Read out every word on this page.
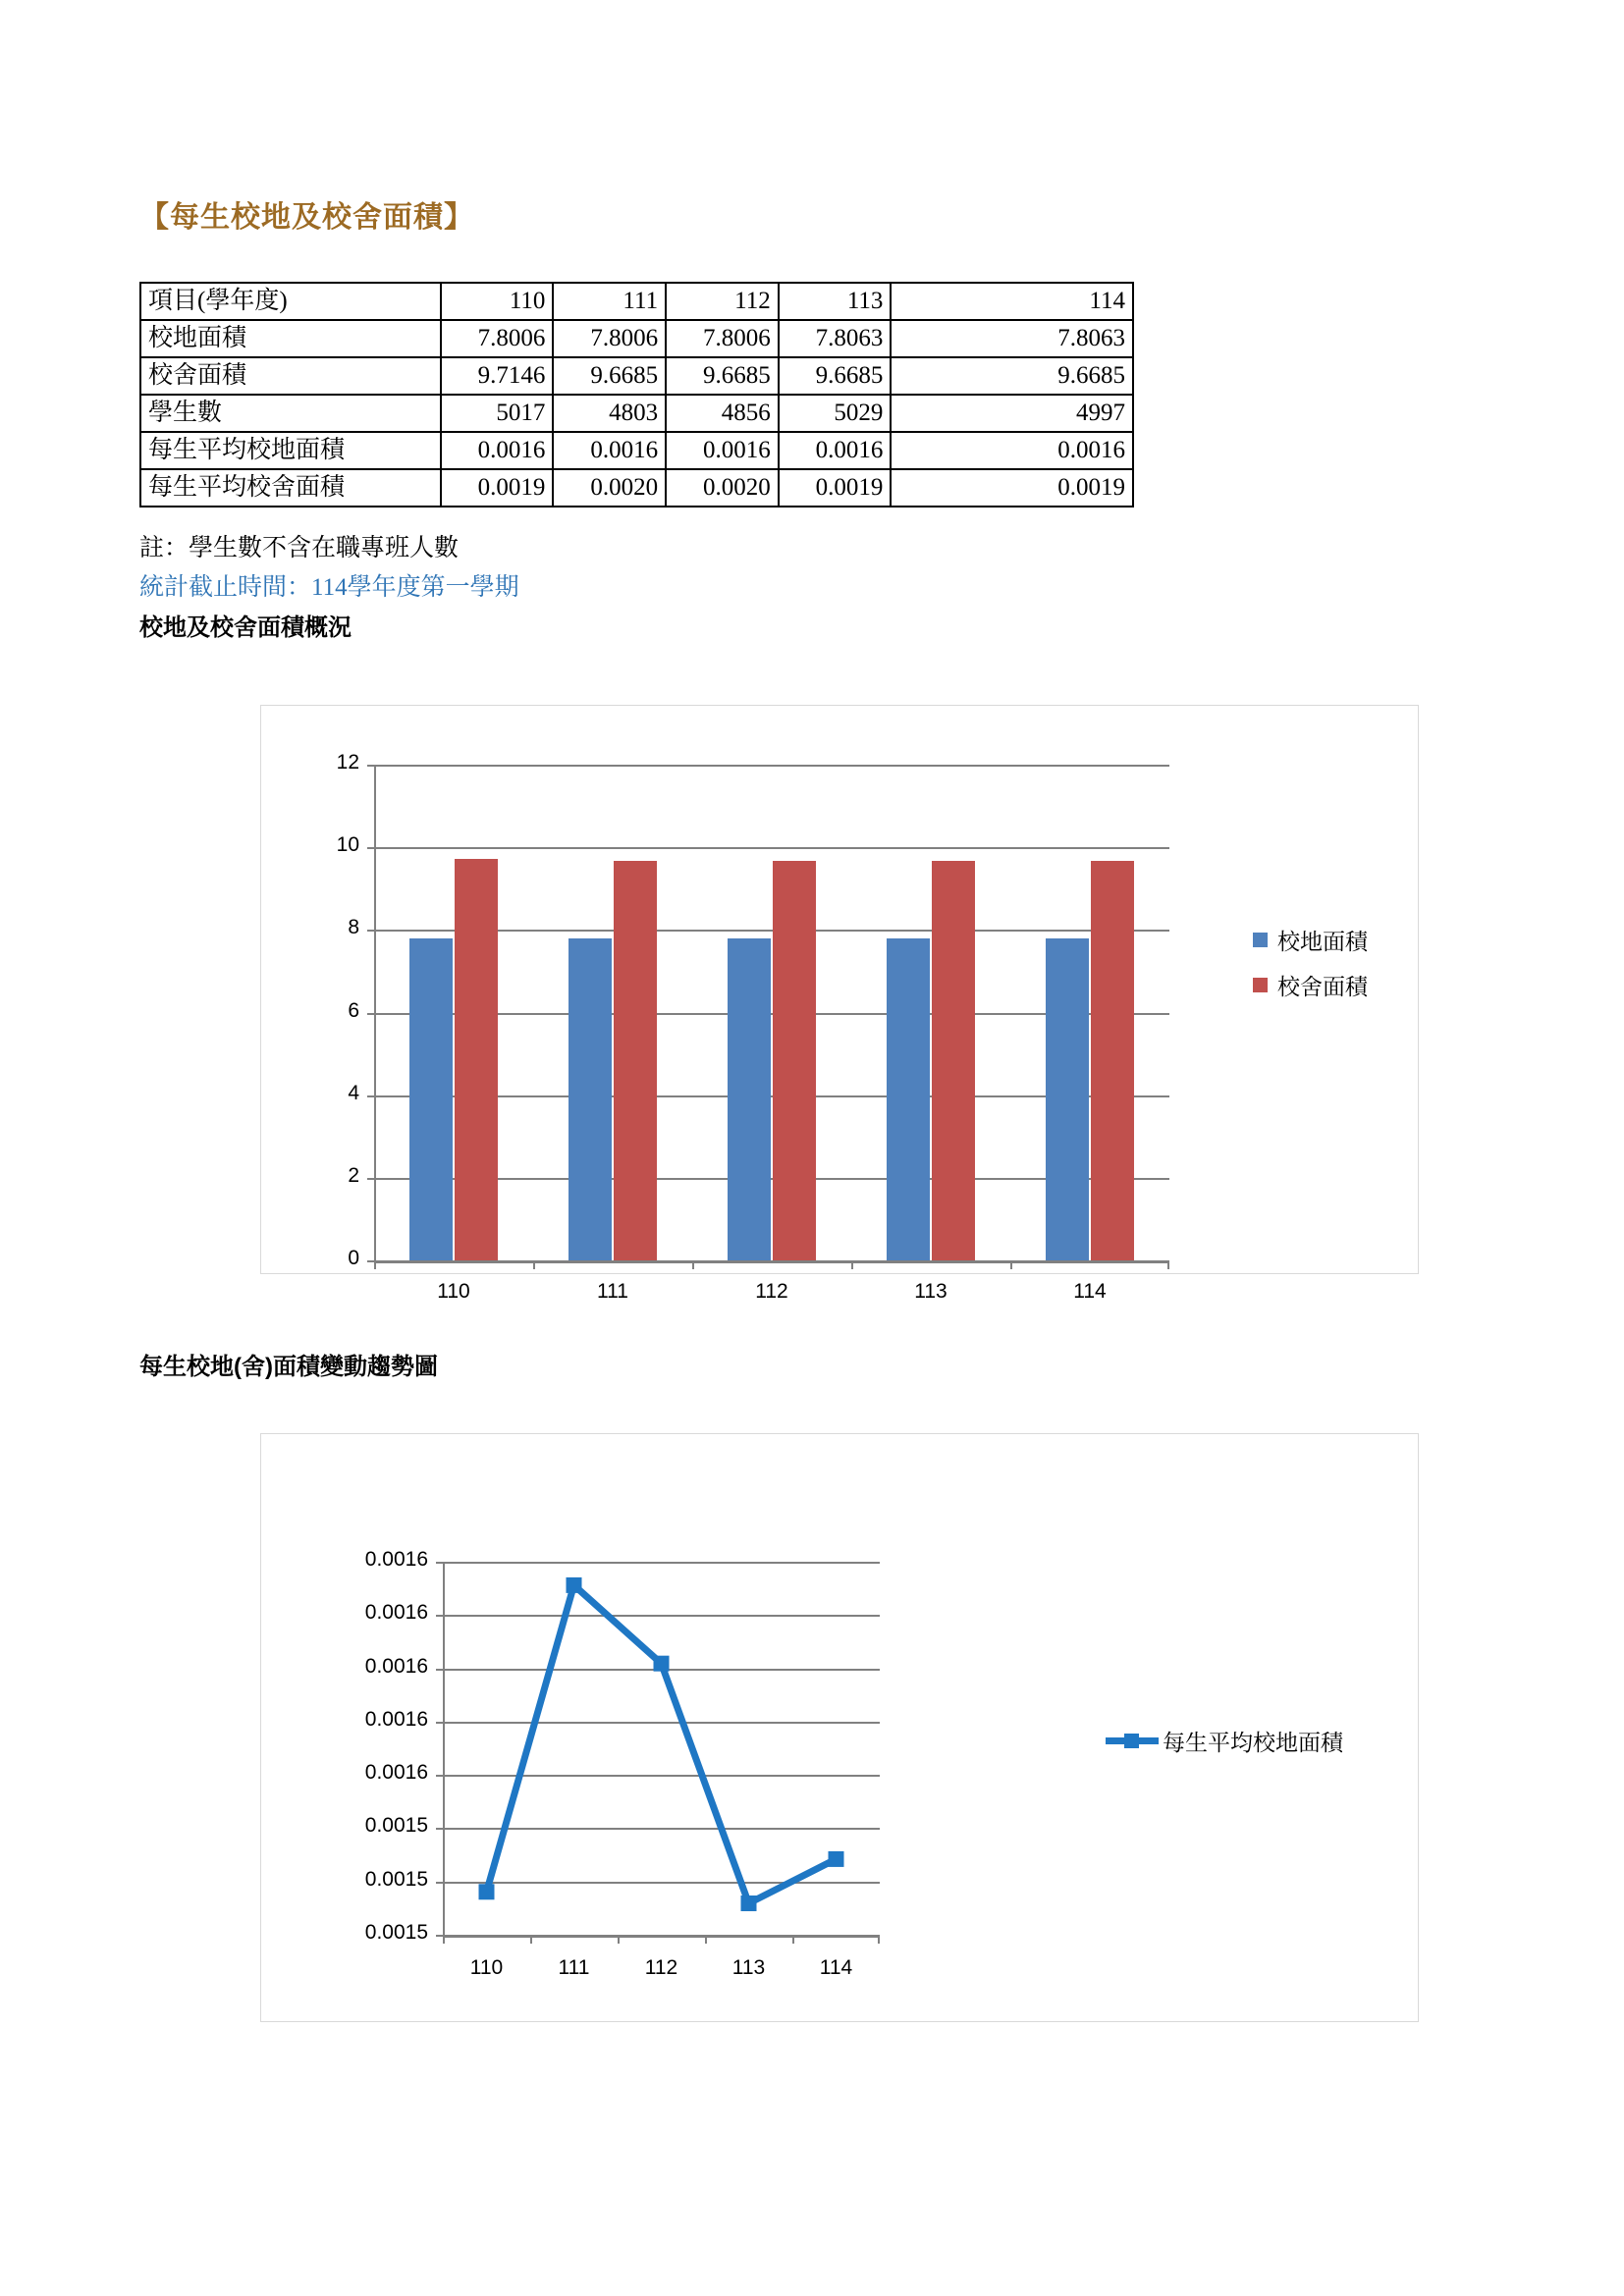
【每生校地及校舍面積】
項目(學年度)	110	111	112	113	114
校地面積	7.8006	7.8006	7.8006	7.8063	7.8063
校舍面積	9.7146	9.6685	9.6685	9.6685	9.6685
學生數	5017	4803	4856	5029	4997
每生平均校地面積	0.0016	0.0016	0.0016	0.0016	0.0016
每生平均校舍面積	0.0019	0.0020	0.0020	0.0019	0.0019
註：學生數不含在職專班人數
統計截止時間：114學年度第一學期
校地及校舍面積概況
0
2
4
6
8
10
12
110	111	112	113	114
校地面積
校舍面積
每生校地(舍)面積變動趨勢圖
0.0016
0.0016
0.0016
0.0016
0.0016
0.0015
0.0015
0.0015
110	111	112	113	114
每生平均校地面積
